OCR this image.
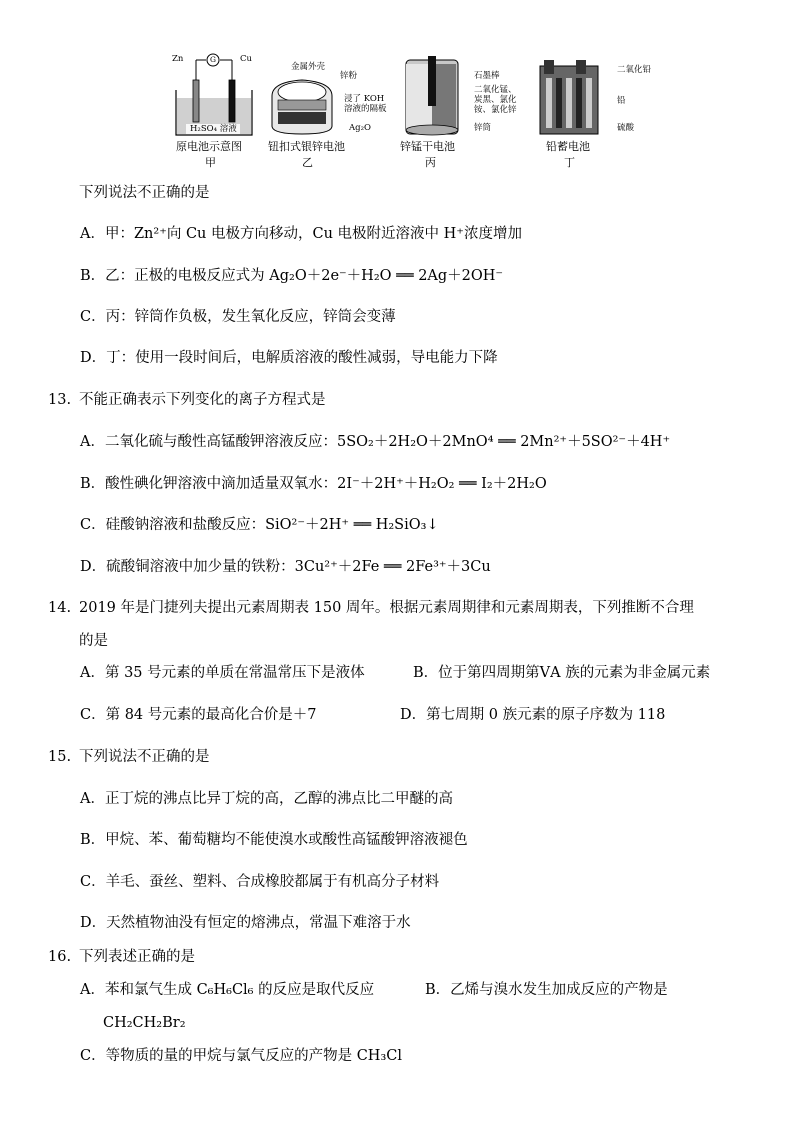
Zn	Cu
G
H₂SO₄ 溶液
金属外壳
锌粉
浸了 KOH 溶液的隔板
Ag₂O
石墨棒
二氧化锰、炭黑、氯化铵、氯化锌
锌筒
二氧化铅
铅
硫酸
原电池示意图
甲
钮扣式银锌电池
乙
锌锰干电池
丙
铅蓄电池
丁
下列说法不正确的是
A．甲：Zn²⁺向 Cu 电极方向移动，Cu 电极附近溶液中 H⁺浓度增加
B．乙：正极的电极反应式为 Ag₂O＋2e⁻＋H₂O ══ 2Ag＋2OH⁻
C．丙：锌筒作负极，发生氧化反应，锌筒会变薄
D．丁：使用一段时间后，电解质溶液的酸性减弱，导电能力下降
13. 不能正确表示下列变化的离子方程式是
A．二氧化硫与酸性高锰酸钾溶液反应：5SO₂＋2H₂O＋2MnO⁴ ══ 2Mn²⁺＋5SO²⁻＋4H⁺
B．酸性碘化钾溶液中滴加适量双氧水：2I⁻＋2H⁺＋H₂O₂ ══ I₂＋2H₂O
C．硅酸钠溶液和盐酸反应：SiO²⁻＋2H⁺ ══ H₂SiO₃↓
D．硫酸铜溶液中加少量的铁粉：3Cu²⁺＋2Fe ══ 2Fe³⁺＋3Cu
14. 2019 年是门捷列夫提出元素周期表 150 周年。根据元素周期律和元素周期表，下列推断不合理
的是
A．第 35 号元素的单质在常温常压下是液体	B．位于第四周期第ⅤA 族的元素为非金属元素
C．第 84 号元素的最高化合价是＋7	D．第七周期 0 族元素的原子序数为 118
15. 下列说法不正确的是
A．正丁烷的沸点比异丁烷的高，乙醇的沸点比二甲醚的高
B．甲烷、苯、葡萄糖均不能使溴水或酸性高锰酸钾溶液褪色
C．羊毛、蚕丝、塑料、合成橡胶都属于有机高分子材料
D．天然植物油没有恒定的熔沸点，常温下难溶于水
16. 下列表述正确的是
A．苯和氯气生成 C₆H₆Cl₆ 的反应是取代反应	B．乙烯与溴水发生加成反应的产物是
CH₂CH₂Br₂
C．等物质的量的甲烷与氯气反应的产物是 CH₃Cl
